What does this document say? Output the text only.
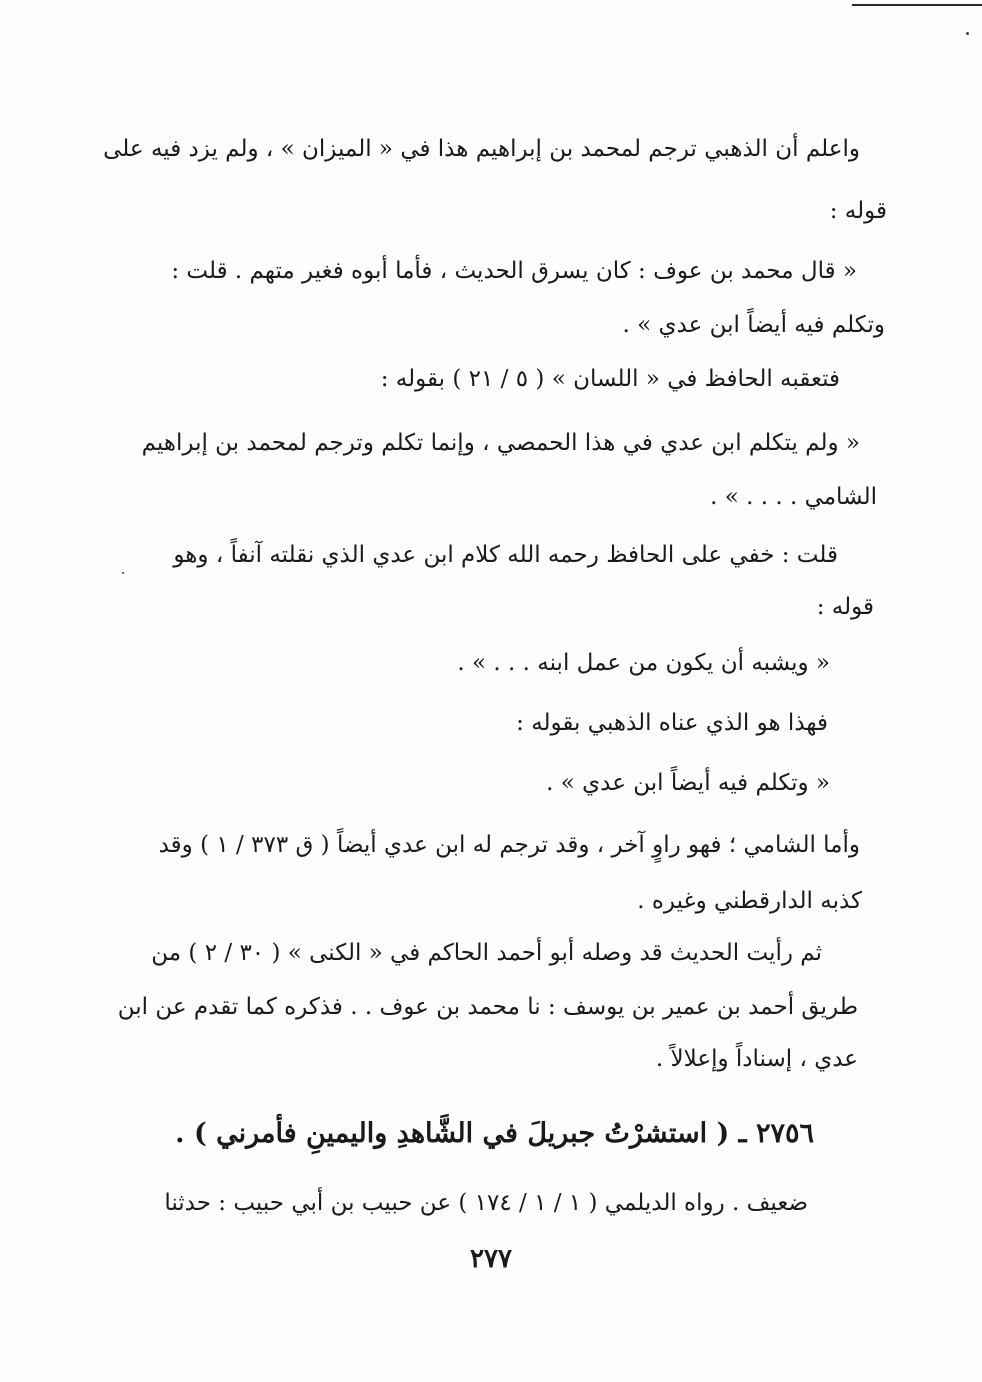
واعلم أن الذهبي ترجم لمحمد بن إبراهيم هذا في « الميزان » ، ولم يزد فيه على
قوله :
« قال محمد بن عوف : كان يسرق الحديث ، فأما أبوه فغير متهم . قلت :
وتكلم فيه أيضاً ابن عدي » .
فتعقبه الحافظ في « اللسان » ( ٥ / ٢١ ) بقوله :
« ولم يتكلم ابن عدي في هذا الحمصي ، وإنما تكلم وترجم لمحمد بن إبراهيم
الشامي . . . . » .
قلت : خفي على الحافظ رحمه الله كلام ابن عدي الذي نقلته آنفاً ، وهو
قوله :
« ويشبه أن يكون من عمل ابنه . . . » .
فهذا هو الذي عناه الذهبي بقوله :
« وتكلم فيه أيضاً ابن عدي » .
وأما الشامي ؛ فهو راوٍ آخر ، وقد ترجم له ابن عدي أيضاً ( ق ٣٧٣ / ١ ) وقد
كذبه الدارقطني وغيره .
ثم رأيت الحديث قد وصله أبو أحمد الحاكم في « الكنى » ( ٣٠ / ٢ ) من
طريق أحمد بن عمير بن يوسف : نا محمد بن عوف . . فذكره كما تقدم عن ابن
عدي ، إسناداً وإعلالاً .
٢٧٥٦ ـ ( استشرْتُ جبريلَ في الشَّاهدِ واليمينِ فأمرني ) .
ضعيف . رواه الديلمي ( ١ / ١ / ١٧٤ ) عن حبيب بن أبي حبيب : حدثنا
٢٧٧
